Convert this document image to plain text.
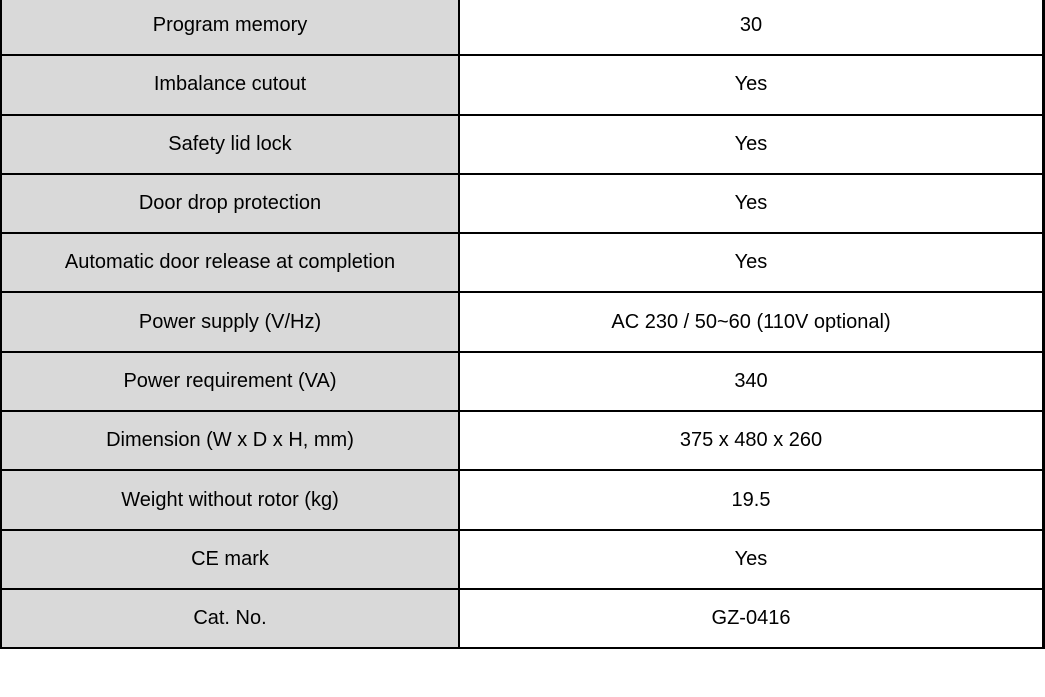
Program memory	30
Imbalance cutout	Yes
Safety lid lock	Yes
Door drop protection	Yes
Automatic door release at completion	Yes
Power supply (V/Hz)	AC 230 / 50~60 (110V optional)
Power requirement (VA)	340
Dimension (W x D x H, mm)	375 x 480 x 260
Weight without rotor (kg)	19.5
CE mark	Yes
Cat. No.	GZ-0416
